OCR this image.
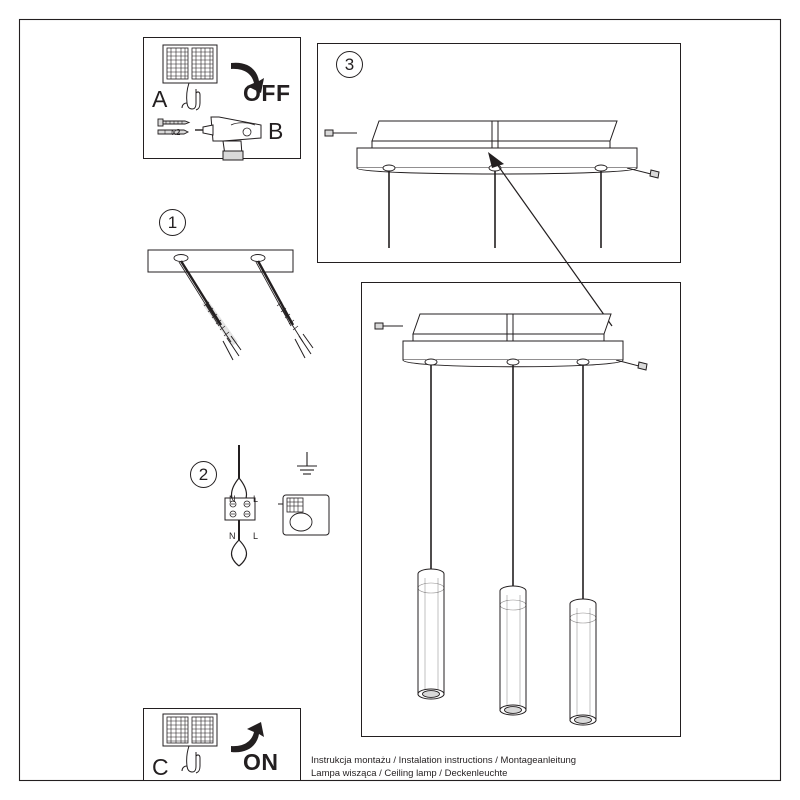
A	OFF
x2	B
1
2
N L
N L
C	ON
3
Instrukcja montażu / Instalation instructions / Montageanleitung
Lampa wisząca / Ceiling lamp / Deckenleuchte
